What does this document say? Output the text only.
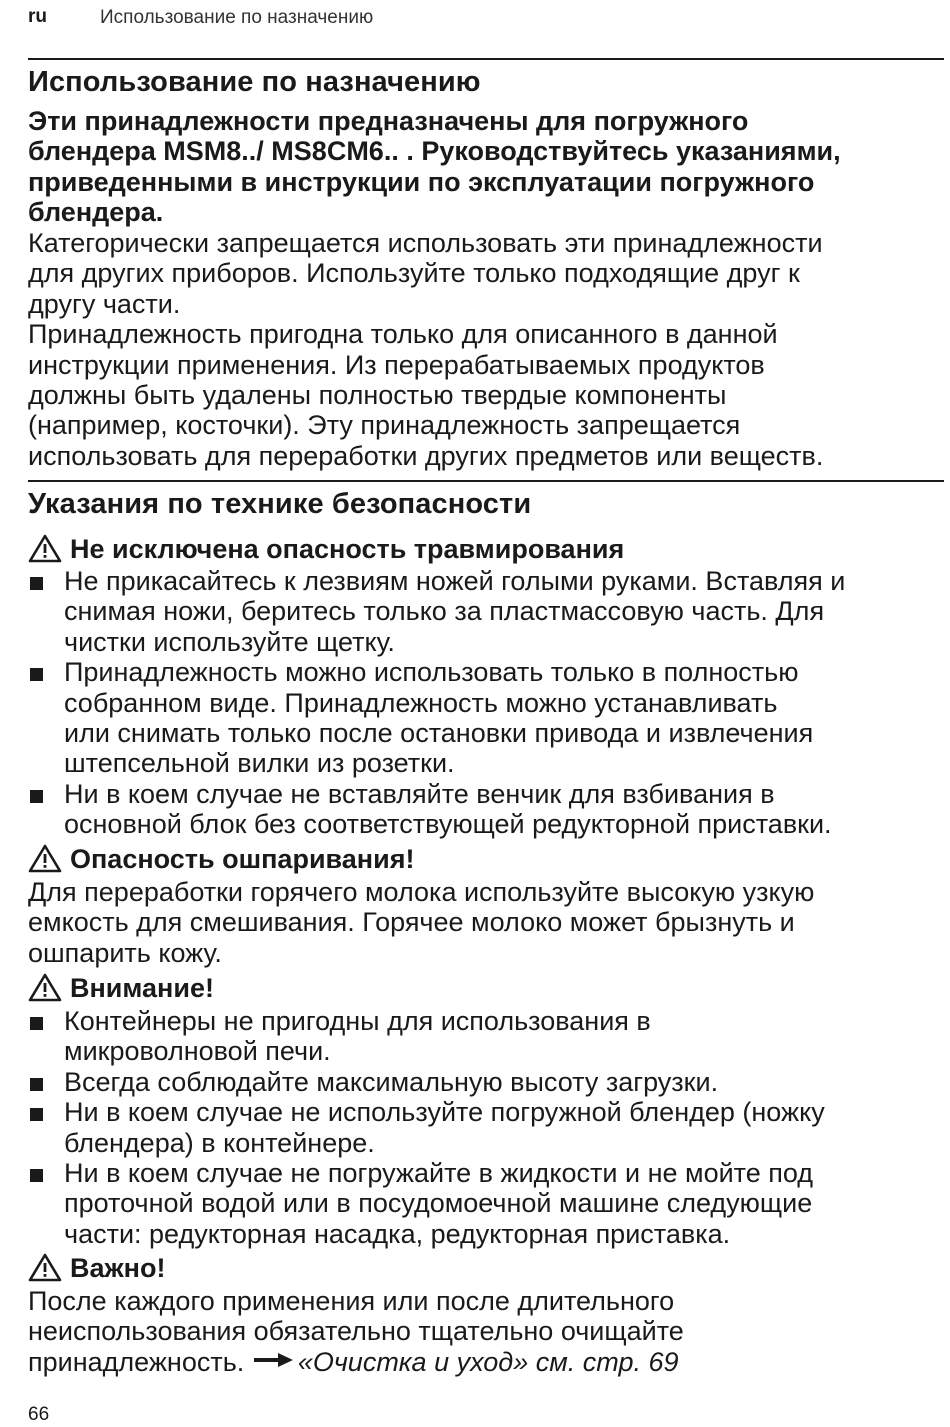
ru	Использование по назначению
Использование по назначению
Эти принадлежности предназначены для погружного
блендера MSM8../ MS8CM6.. . Руководствуйтесь указаниями,
приведенными в инструкции по эксплуатации погружного
блендера.
Категорически запрещается использовать эти принадлежности
для других приборов. Используйте только подходящие друг к
другу части.
Принадлежность пригодна только для описанного в данной
инструкции применения. Из перерабатываемых продуктов
должны быть удалены полностью твердые компоненты
(например, косточки). Эту принадлежность запрещается
использовать для переработки других предметов или веществ.
Указания по технике безопасности
Не исключена опасность травмирования
Не прикасайтесь к лезвиям ножей голыми руками. Вставляя и
снимая ножи, беритесь только за пластмассовую часть. Для
чистки используйте щетку.
Принадлежность можно использовать только в полностью
собранном виде. Принадлежность можно устанавливать
или снимать только после остановки привода и извлечения
штепсельной вилки из розетки.
Ни в коем случае не вставляйте венчик для взбивания в
основной блок без соответствующей редукторной приставки.
Опасность ошпаривания!
Для переработки горячего молока используйте высокую узкую
емкость для смешивания. Горячее молоко может брызнуть и
ошпарить кожу.
Внимание!
Контейнеры не пригодны для использования в
микроволновой печи.
Всегда соблюдайте максимальную высоту загрузки.
Ни в коем случае не используйте погружной блендер (ножку
блендера) в контейнере.
Ни в коем случае не погружайте в жидкости и не мойте под
проточной водой или в посудомоечной машине следующие
части: редукторная насадка, редукторная приставка.
Важно!
После каждого применения или после длительного
неиспользования обязательно тщательно очищайте
принадлежность. «Очистка и уход» см. стр. 69
66
